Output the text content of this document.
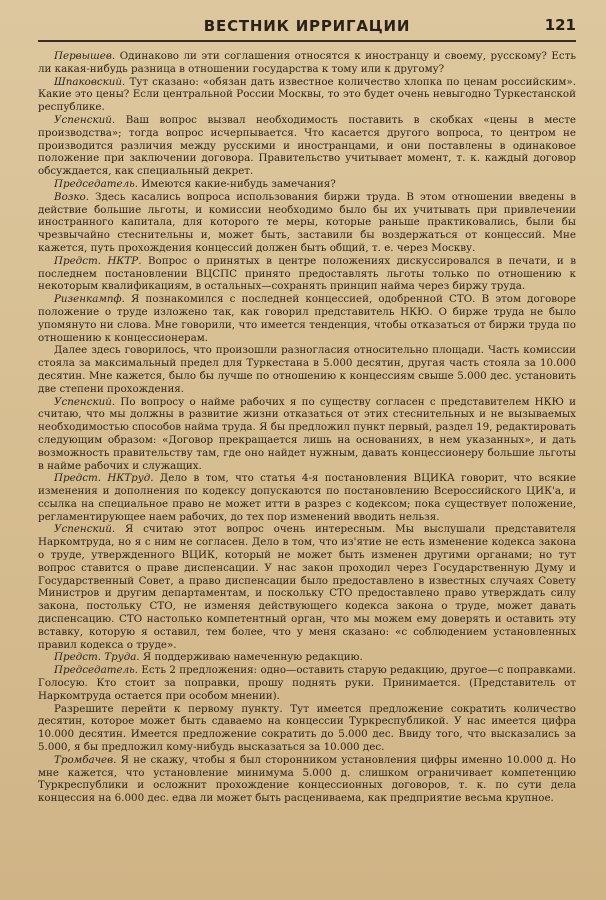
ВЕСТНИК ИРРИГАЦИИ	121

Первышев. Одинаково ли эти соглашения относятся к иностранцу и своему, русскому? Есть ли какая-нибудь разница в отношении государства к тому или к другому?

Шпаковский. Тут сказано: «обязан дать известное количество хлопка по ценам российским». Какие это цены? Если центральной России Москвы, то это будет очень невыгодно Туркестанской республике.

Успенский. Ваш вопрос вызвал необходимость поставить в скобках «цены в месте производства»; тогда вопрос исчерпывается. Что касается другого вопроса, то центром не производится различия между русскими и иностранцами, и они поставлены в одинаковое положение при заключении договора. Правительство учитывает момент, т. к. каждый договор обсуждается, как специальный декрет.

Председатель. Имеются какие-нибудь замечания?

Возко. Здесь касались вопроса использования биржи труда. В этом отношении введены в действие большие льготы, и комиссии необходимо было бы их учитывать при привлечении иностранного капитала, для которого те меры, которые раньше практиковались, были бы чрезвычайно стеснительны и, может быть, заставили бы воздержаться от концессий. Мне кажется, путь прохождения концессий должен быть общий, т. е. через Москву.

Предст. НКТР. Вопрос о принятых в центре положениях дискуссировался в печати, и в последнем постановлении ВЦСПС принято предоставлять льготы только по отношению к некоторым квалификациям, в остальных—сохранять принцип найма через биржу труда.

Ризенкампф. Я познакомился с последней концессией, одобренной СТО. В этом договоре положение о труде изложено так, как говорил представитель НКЮ. О бирже труда не было упомянуто ни слова. Мне говорили, что имеется тенденция, чтобы отказаться от биржи труда по отношению к концессионерам.

Далее здесь говорилось, что произошли разногласия относительно площади. Часть комиссии стояла за максимальный предел для Туркестана в 5.000 десятин, другая часть стояла за 10.000 десятин. Мне кажется, было бы лучше по отношению к концессиям свыше 5.000 дес. установить две степени прохождения.

Успенский. По вопросу о найме рабочих я по существу согласен с представителем НКЮ и считаю, что мы должны в развитие жизни отказаться от этих стеснительных и не вызываемых необходимостью способов найма труда. Я бы предложил пункт первый, раздел 19, редактировать следующим образом: «Договор прекращается лишь на основаниях, в нем указанных», и дать возможность правительству там, где оно найдет нужным, давать концессионеру большие льготы в найме рабочих и служащих.

Предст. НКТруд. Дело в том, что статья 4-я постановления ВЦИКА говорит, что всякие изменения и дополнения по кодексу допускаются по постановлению Всероссийского ЦИК'а, и ссылка на специальное право не может итти в разрез с кодексом; пока существует положение, регламентирующее наем рабочих, до тех пор изменений вводить нельзя.

Успенский. Я считаю этот вопрос очень интересным. Мы выслушали представителя Наркомтруда, но я с ним не согласен. Дело в том, что из'ятие не есть изменение кодекса закона о труде, утвержденного ВЦИК, который не может быть изменен другими органами; но тут вопрос ставится о праве диспенсации. У нас закон проходил через Государственную Думу и Государственный Совет, а право диспенсации было предоставлено в известных случаях Совету Министров и другим департаментам, и поскольку СТО предоставлено право утверждать силу закона, постольку СТО, не изменяя действующего кодекса закона о труде, может давать диспенсацию. СТО настолько компетентный орган, что мы можем ему доверять и оставить эту вставку, которую я оставил, тем более, что у меня сказано: «с соблюдением установленных правил кодекса о труде».

Предст. Труда. Я поддерживаю намеченную редакцию.

Председатель. Есть 2 предложения: одно—оставить старую редакцию, другое—с поправками. Голосую. Кто стоит за поправки, прошу поднять руки. Принимается. (Представитель от Наркомтруда остается при особом мнении).

Разрешите перейти к первому пункту. Тут имеется предложение сократить количество десятин, которое может быть сдаваемо на концессии Туркреспубликой. У нас имеется цифра 10.000 десятин. Имеется предложение сократить до 5.000 дес. Ввиду того, что высказались за 5.000, я бы предложил кому-нибудь высказаться за 10.000 дес.

Тромбачев. Я не скажу, чтобы я был сторонником установления цифры именно 10.000 д. Но мне кажется, что установление минимума 5.000 д. слишком ограничивает компетенцию Туркреспублики и осложнит прохождение концессионных договоров, т. к. по сути дела концессия на 6.000 дес. едва ли может быть расцениваема, как предприятие весьма крупное.
